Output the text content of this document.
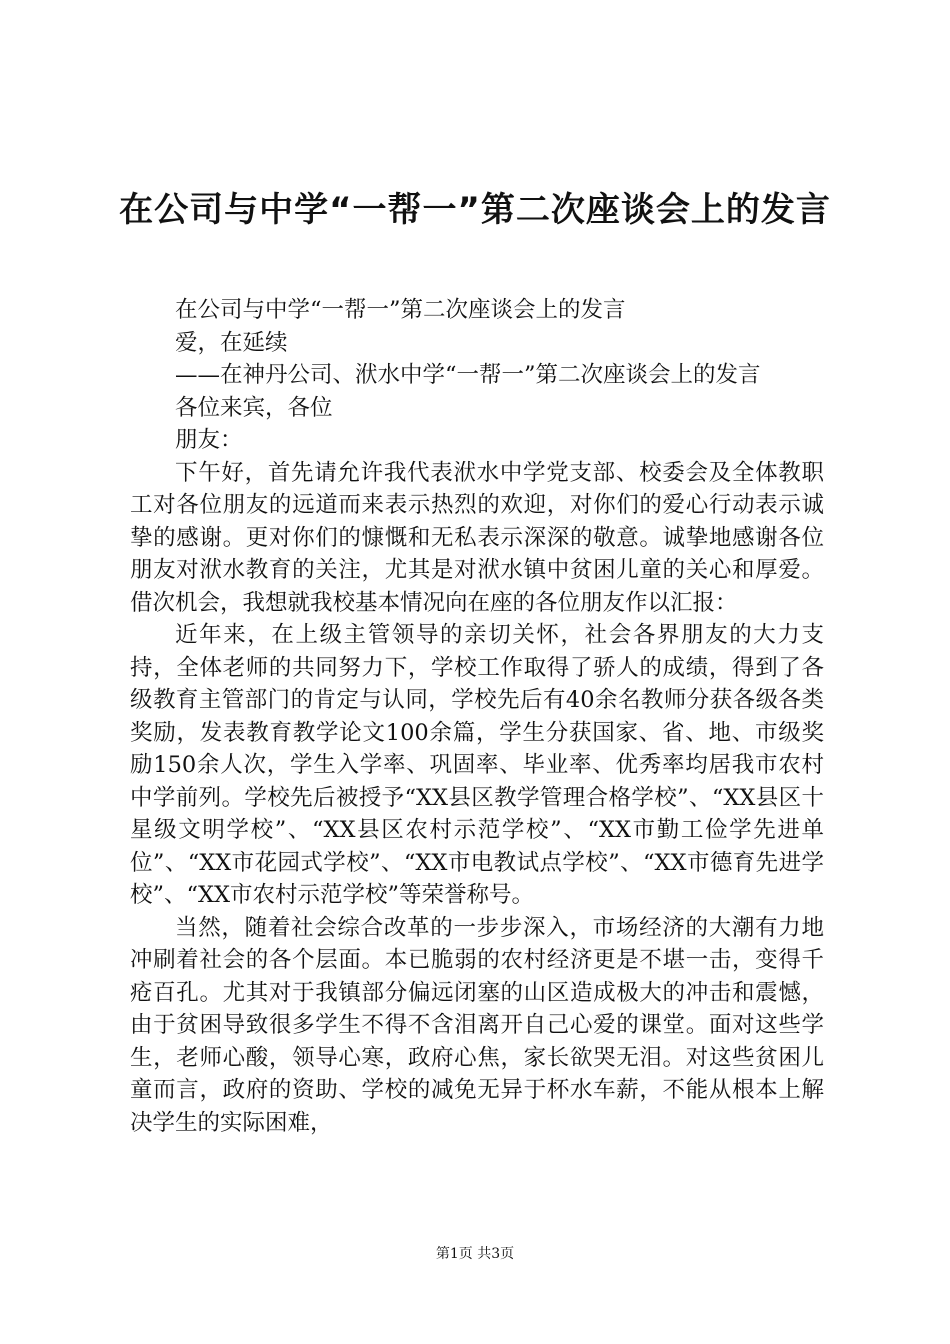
在公司与中学“一帮一”第二次座谈会上的发言

在公司与中学“一帮一”第二次座谈会上的发言

爱，在延续

——在神丹公司、洑水中学“一帮一”第二次座谈会上的发言

各位来宾，各位

朋友：

下午好，首先请允许我代表洑水中学党支部、校委会及全体教职工对各位朋友的远道而来表示热烈的欢迎，对你们的爱心行动表示诚挚的感谢。更对你们的慷慨和无私表示深深的敬意。诚挚地感谢各位朋友对洑水教育的关注，尤其是对洑水镇中贫困儿童的关心和厚爱。借次机会，我想就我校基本情况向在座的各位朋友作以汇报：

近年来，在上级主管领导的亲切关怀，社会各界朋友的大力支持，全体老师的共同努力下，学校工作取得了骄人的成绩，得到了各级教育主管部门的肯定与认同，学校先后有40余名教师分获各级各类奖励，发表教育教学论文100余篇，学生分获国家、省、地、市级奖励150余人次，学生入学率、巩固率、毕业率、优秀率均居我市农村中学前列。学校先后被授予“XX县区教学管理合格学校”、“XX县区十星级文明学校”、“XX县区农村示范学校”、“XX市勤工俭学先进单位”、“XX市花园式学校”、“XX市电教试点学校”、“XX市德育先进学校”、“XX市农村示范学校”等荣誉称号。

当然，随着社会综合改革的一步步深入，市场经济的大潮有力地冲刷着社会的各个层面。本已脆弱的农村经济更是不堪一击，变得千疮百孔。尤其对于我镇部分偏远闭塞的山区造成极大的冲击和震憾，由于贫困导致很多学生不得不含泪离开自己心爱的课堂。面对这些学生，老师心酸，领导心寒，政府心焦，家长欲哭无泪。对这些贫困儿童而言，政府的资助、学校的减免无异于杯水车薪，不能从根本上解决学生的实际困难，

第1页 共3页
